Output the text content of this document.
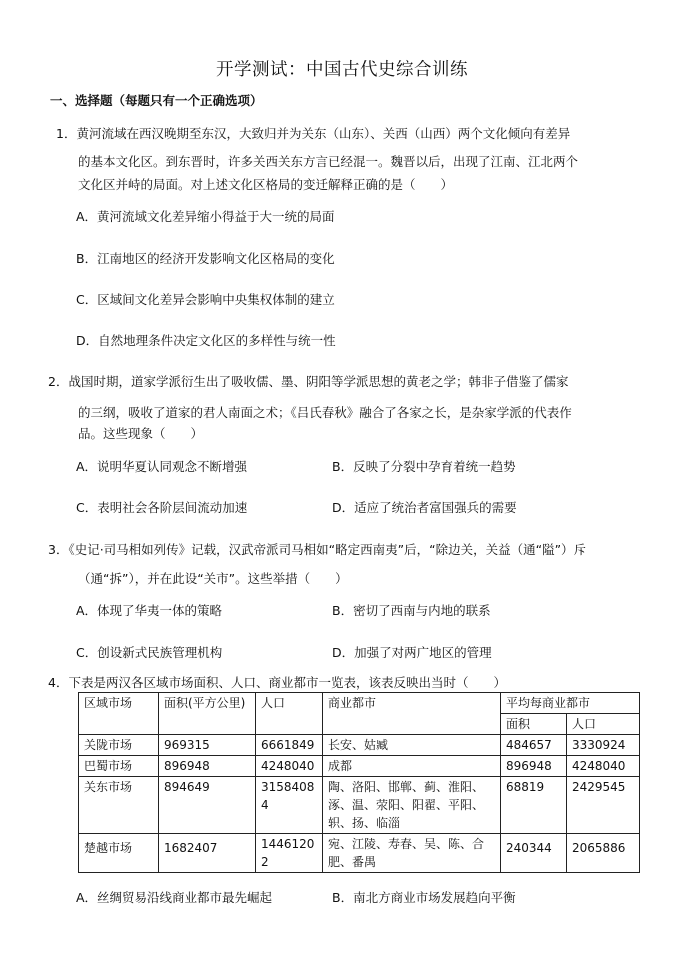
开学测试：中国古代史综合训练
一、选择题（每题只有一个正确选项）
1．黄河流域在西汉晚期至东汉，大致归并为关东（山东）、关西（山西）两个文化倾向有差异
的基本文化区。到东晋时，许多关西关东方言已经混一。魏晋以后，出现了江南、江北两个
文化区并峙的局面。对上述文化区格局的变迁解释正确的是（　　）
A．黄河流域文化差异缩小得益于大一统的局面
B．江南地区的经济开发影响文化区格局的变化
C．区域间文化差异会影响中央集权体制的建立
D．自然地理条件决定文化区的多样性与统一性
2．战国时期，道家学派衍生出了吸收儒、墨、阴阳等学派思想的黄老之学；韩非子借鉴了儒家
的三纲，吸收了道家的君人南面之术；《吕氏春秋》融合了各家之长，是杂家学派的代表作
品。这些现象（　　）
A．说明华夏认同观念不断增强	B．反映了分裂中孕育着统一趋势
C．表明社会各阶层间流动加速	D．适应了统治者富国强兵的需要
3．《史记·司马相如列传》记载，汉武帝派司马相如“略定西南夷”后，“除边关，关益（通“隘”）斥
（通“拆”），并在此设“关市”。这些举措（　　）
A．体现了华夷一体的策略	B．密切了西南与内地的联系
C．创设新式民族管理机构	D．加强了对两广地区的管理
4．下表是两汉各区域市场面积、人口、商业都市一览表，该表反映出当时（　　）
区域市场	面积(平方公里)	人口	商业都市	平均每商业都市	
				面积	人口
关陇市场	969315	6661849	长安、姑臧	484657	3330924
巴蜀市场	896948	4248040	成都	896948	4248040
关东市场	894649	31584084	陶、洛阳、邯郸、蓟、淮阳、涿、温、荥阳、阳翟、平阳、轵、扬、临淄	68819	2429545
楚越市场	1682407	14461202	宛、江陵、寿春、吴、陈、合肥、番禺	240344	2065886
A．丝绸贸易沿线商业都市最先崛起	B．南北方商业市场发展趋向平衡
